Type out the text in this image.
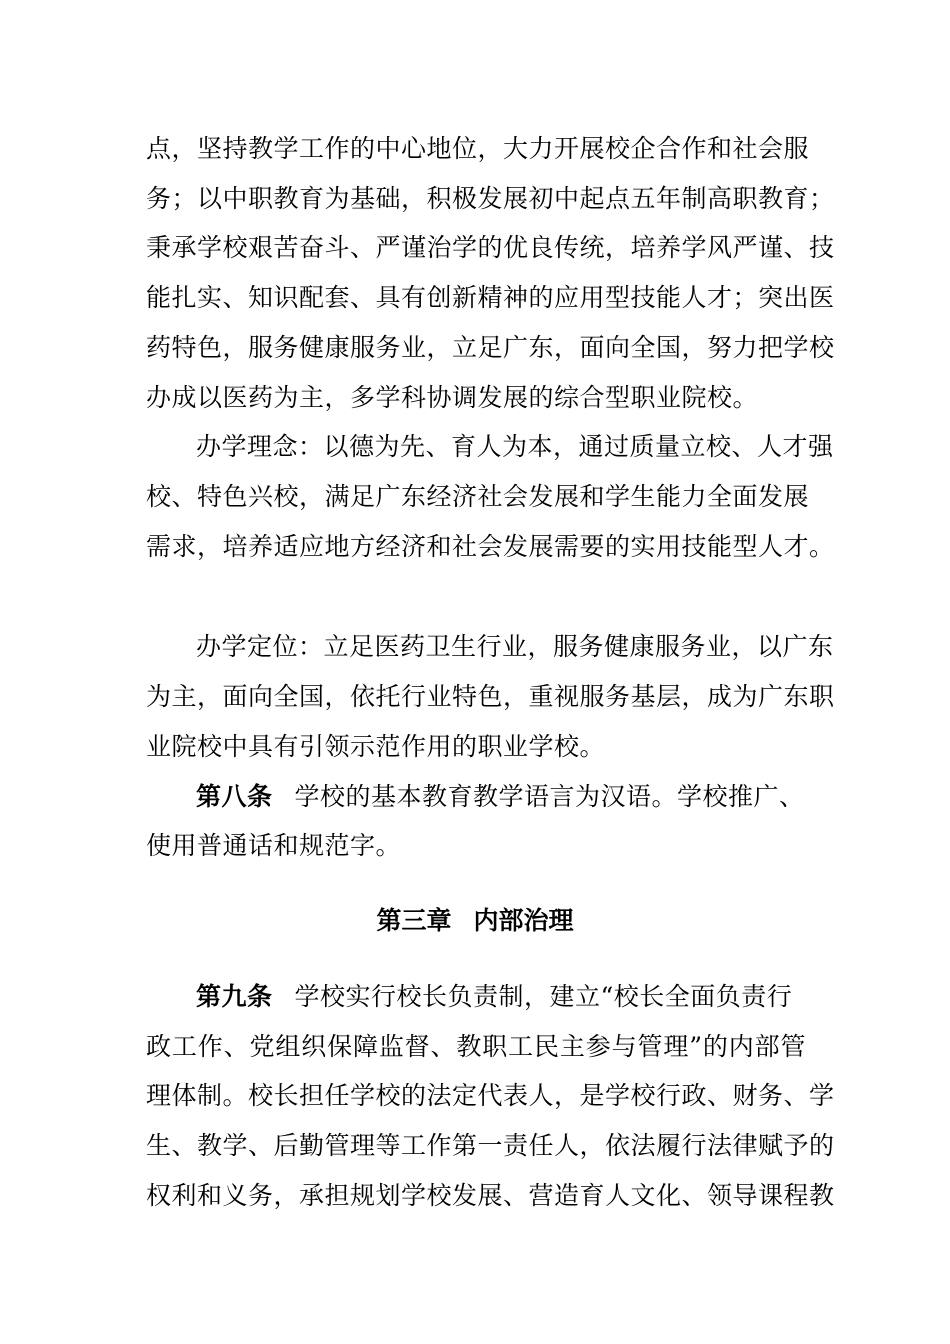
点，坚持教学工作的中心地位，大力开展校企合作和社会服
务；以中职教育为基础，积极发展初中起点五年制高职教育；
秉承学校艰苦奋斗、严谨治学的优良传统，培养学风严谨、技
能扎实、知识配套、具有创新精神的应用型技能人才；突出医
药特色，服务健康服务业，立足广东，面向全国，努力把学校
办成以医药为主，多学科协调发展的综合型职业院校。
办学理念：以德为先、育人为本，通过质量立校、人才强
校、特色兴校，满足广东经济社会发展和学生能力全面发展
需求，培养适应地方经济和社会发展需要的实用技能型人才。
办学定位：立足医药卫生行业，服务健康服务业，以广东
为主，面向全国，依托行业特色，重视服务基层，成为广东职
业院校中具有引领示范作用的职业学校。
第八条 学校的基本教育教学语言为汉语。学校推广、
使用普通话和规范字。
第三章 内部治理
第九条 学校实行校长负责制，建立“校长全面负责行
政工作、党组织保障监督、教职工民主参与管理”的内部管
理体制。校长担任学校的法定代表人，是学校行政、财务、学
生、教学、后勤管理等工作第一责任人，依法履行法律赋予的
权利和义务，承担规划学校发展、营造育人文化、领导课程教
